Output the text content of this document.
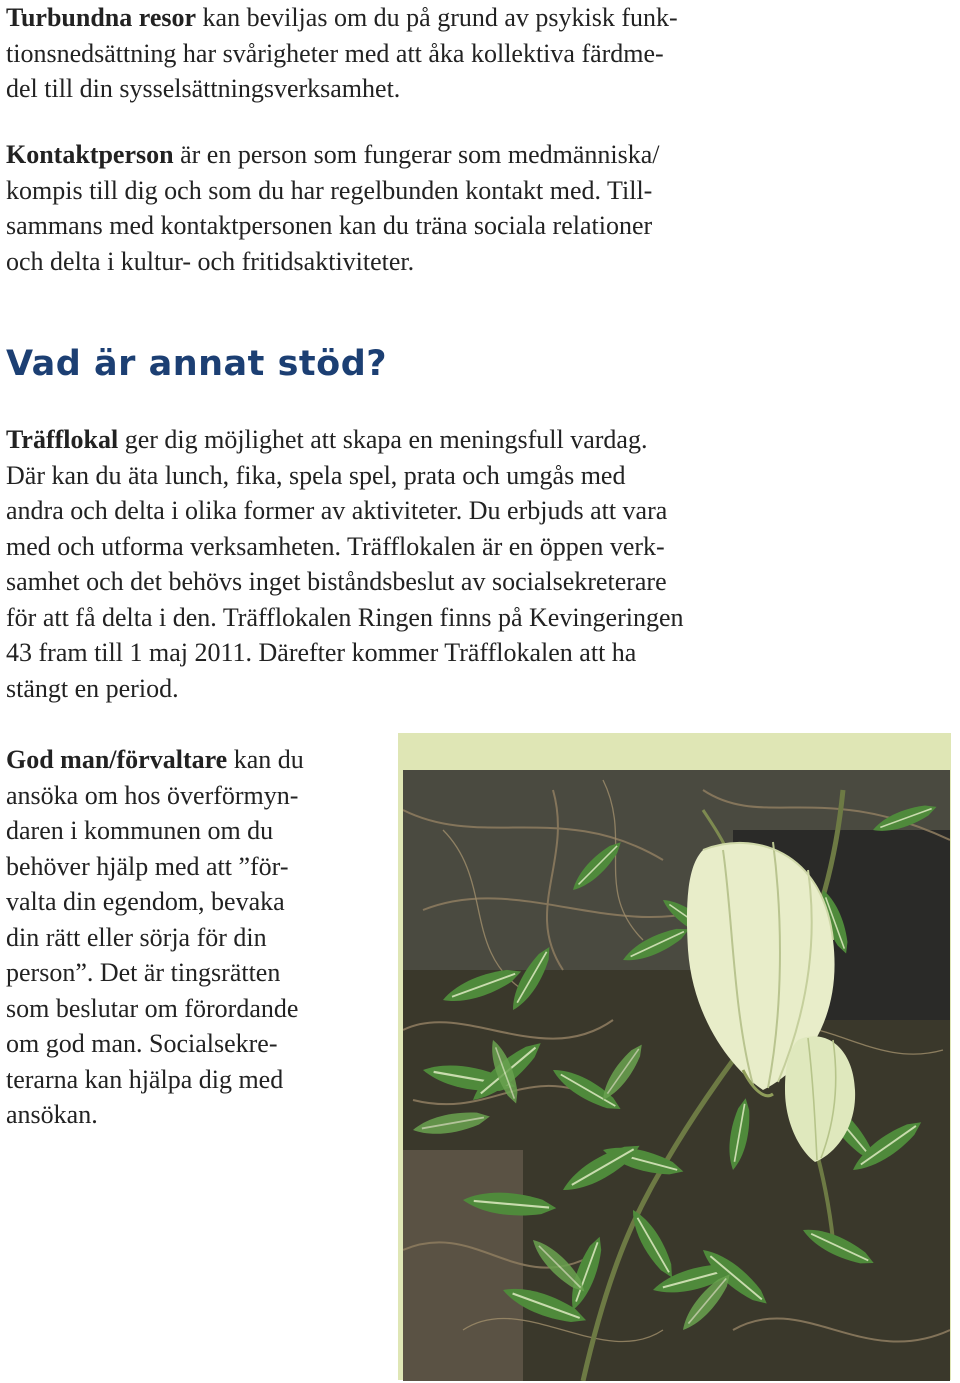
Turbundna resor kan beviljas om du på grund av psykisk funk-
tionsnedsättning har svårigheter med att åka kollektiva färdme-
del till din sysselsättningsverksamhet.

Kontaktperson är en person som fungerar som medmänniska/
kompis till dig och som du har regelbunden kontakt med. Till-
sammans med kontaktpersonen kan du träna sociala relationer
och delta i kultur- och fritidsaktiviteter.

Vad är annat stöd?

Träfflokal ger dig möjlighet att skapa en meningsfull vardag.
Där kan du äta lunch, fika, spela spel, prata och umgås med
andra och delta i olika former av aktiviteter. Du erbjuds att vara
med och utforma verksamheten. Träfflokalen är en öppen verk-
samhet och det behövs inget biståndsbeslut av socialsekreterare
för att få delta i den. Träfflokalen Ringen finns på Kevingeringen
43 fram till 1 maj 2011. Därefter kommer Träfflokalen att ha
stängt en period.

God man/förvaltare kan du
ansöka om hos överförmyn-
daren i kommunen om du
behöver hjälp med att ”för-
valta din egendom, bevaka
din rätt eller sörja för din
person”. Det är tingsrätten
som beslutar om förordande
om god man. Socialsekre-
terarna kan hjälpa dig med
ansökan.
